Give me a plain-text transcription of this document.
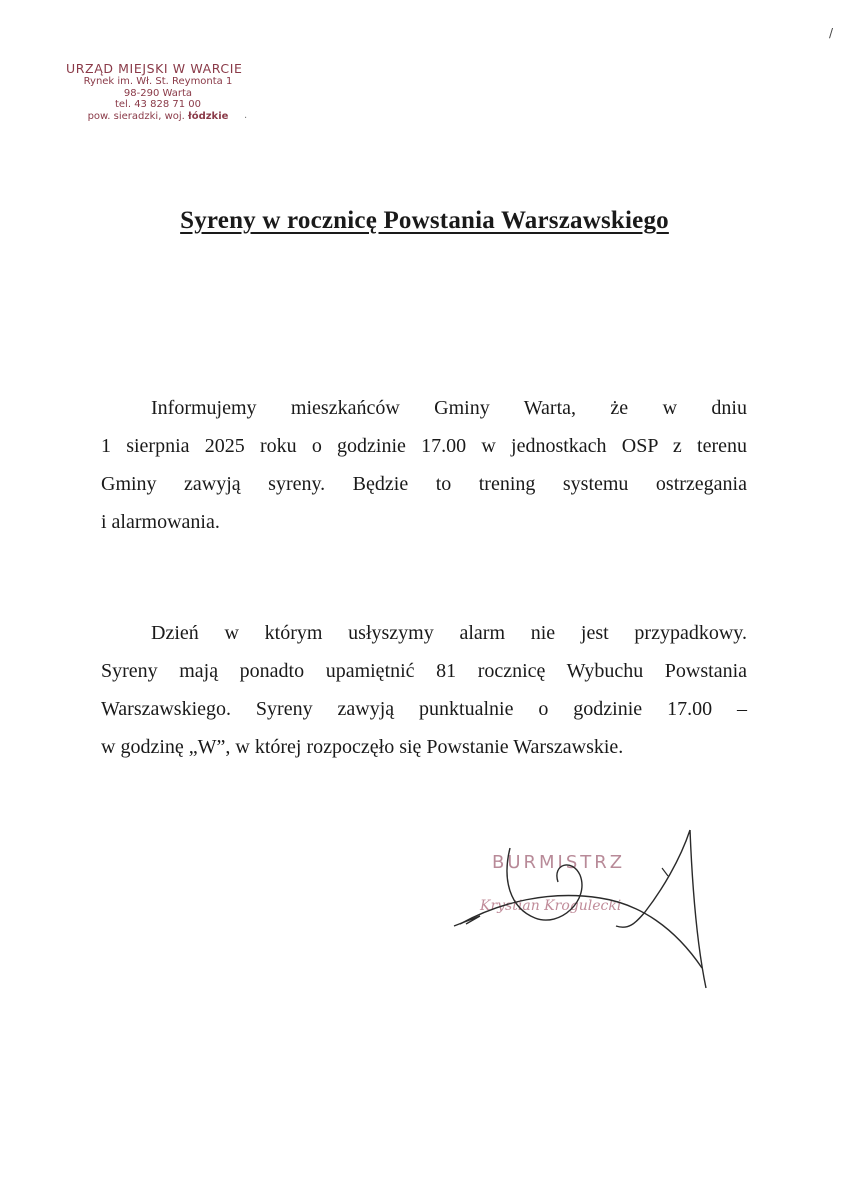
URZĄD MIEJSKI W WARCIE
Rynek im. Wł. St. Reymonta 1
98-290 Warta
tel. 43 828 71 00
pow. sieradzki, woj. łódzkie
/
.
Syreny w rocznicę Powstania Warszawskiego
Informujemy mieszkańców Gminy Warta, że w dniu
1 sierpnia 2025 roku o godzinie 17.00 w jednostkach OSP z terenu
Gminy zawyją syreny. Będzie to trening systemu ostrzegania
i alarmowania.
Dzień w którym usłyszymy alarm nie jest przypadkowy.
Syreny mają ponadto upamiętnić 81 rocznicę Wybuchu Powstania
Warszawskiego. Syreny zawyją punktualnie o godzinie 17.00 –
w godzinę „W”, w której rozpoczęło się Powstanie Warszawskie.
BURMISTRZ
Krystian Krogulecki
